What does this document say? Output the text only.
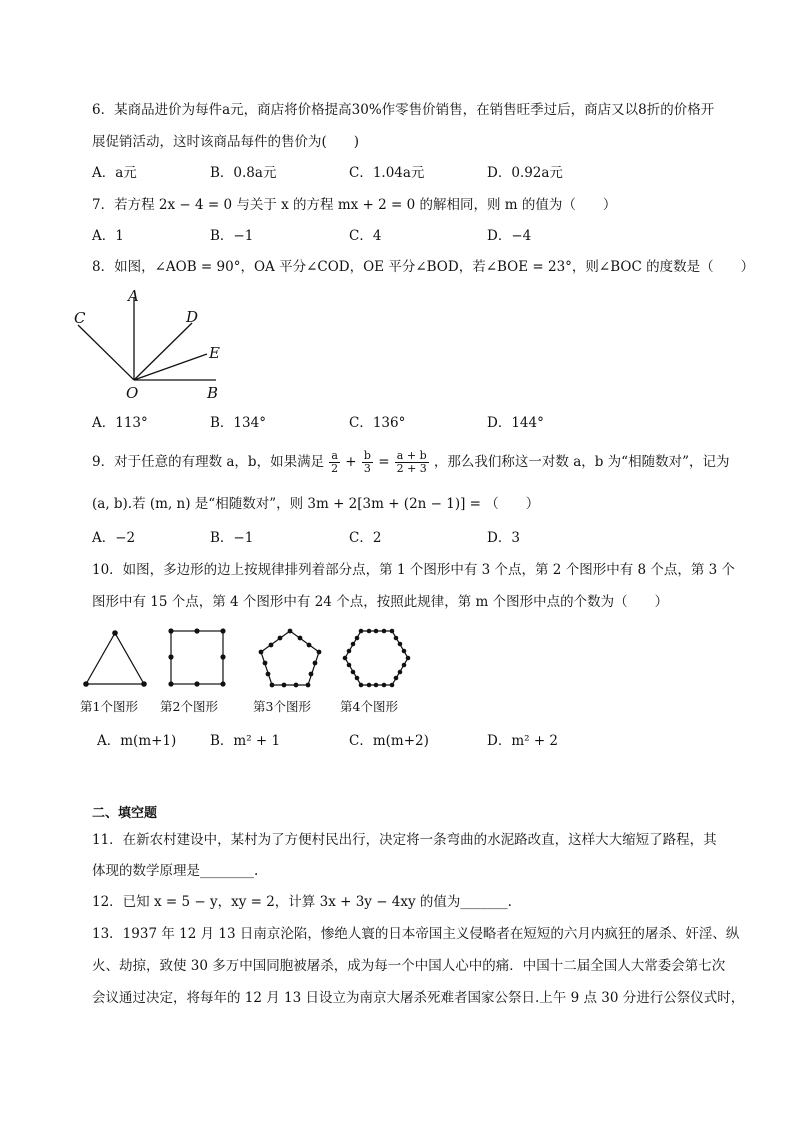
6．某商品进价为每件a元，商店将价格提高30%作零售价销售，在销售旺季过后，商店又以8折的价格开
展促销活动，这时该商品每件的售价为(　　)
A．a元	B．0.8a元	C．1.04a元	D．0.92a元
7．若方程 2x − 4 = 0 与关于 x 的方程 mx + 2 = 0 的解相同，则 m 的值为（　　）
A．1	B．−1	C．4	D．−4
8．如图，∠AOB = 90°，OA 平分∠COD，OE 平分∠BOD，若∠BOE = 23°，则∠BOC 的度数是（　　）
A
C	D
E
O	B
A．113°	B．134°	C．136°	D．144°
9．对于任意的有理数 a，b，如果满足 $\frac{a}{2} + \frac{b}{3} = \frac{a + b}{2 + 3}$ ，那么我们称这一对数 a，b 为“相随数对”，记为
(a, b).若 (m, n) 是“相随数对”，则 3m + 2[3m + (2n − 1)] = （　　）
A．−2	B．−1	C．2	D．3
10．如图，多边形的边上按规律排列着部分点，第 1 个图形中有 3 个点，第 2 个图形中有 8 个点，第 3 个
图形中有 15 个点，第 4 个图形中有 24 个点，按照此规律，第 m 个图形中点的个数为（　　）
第1个图形 第2个图形	第3个图形 第4个图形
A．m(m+1) B．m² + 1	C．m(m+2)	D．m² + 2
二、填空题
11．在新农村建设中，某村为了方便村民出行，决定将一条弯曲的水泥路改直，这样大大缩短了路程，其
体现的数学原理是________.
12．已知 x = 5 − y，xy = 2，计算 3x + 3y − 4xy 的值为_______.
13．1937 年 12 月 13 日南京沦陷，惨绝人寰的日本帝国主义侵略者在短短的六月内疯狂的屠杀、奸淫、纵
火、劫掠，致使 30 多万中国同胞被屠杀，成为每一个中国人心中的痛．中国十二届全国人大常委会第七次
会议通过决定，将每年的 12 月 13 日设立为南京大屠杀死难者国家公祭日.上午 9 点 30 分进行公祭仪式时，
